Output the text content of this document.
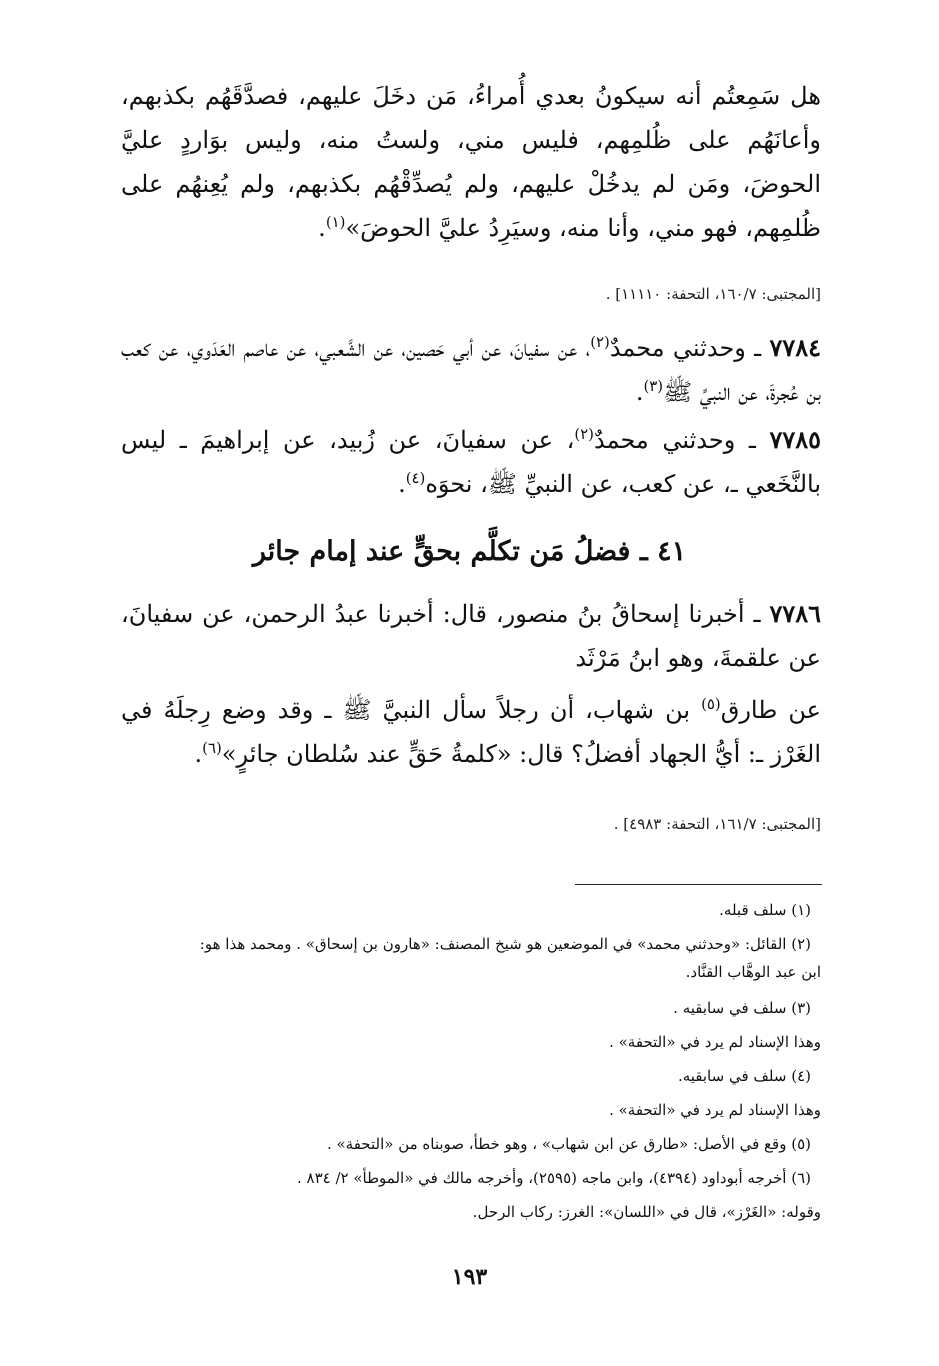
هل سَمِعتُم أنه سيكونُ بعدي أُمراءُ، مَن دخَلَ عليهم، فصدَّقَهُم بكذبهم، وأعانَهُم على ظُلمِهم، فليس مني، ولستُ منه، وليس بوَاردٍ عليَّ الحوضَ، ومَن لم يدخُلْ عليهم، ولم يُصدِّقْهُم بكذبهم، ولم يُعِنهُم على ظُلمِهم، فهو مني، وأنا منه، وسيَرِدُ عليَّ الحوضَ»$^{(١)}$.

[المجتبى: ١٦٠/٧، التحفة: ١١١١٠] .

٧٧٨٤ ـ وحدثني محمدٌ$^{(٢)}$، عن سفيانَ، عن أبي حَصين، عن الشَّعبي، عن عاصم العَدَوي، عن كعب بن عُجرةَ، عن النبيِّ ﷺ$^{(٣)}$.

٧٧٨٥ ـ وحدثني محمدٌ$^{(٢)}$، عن سفيانَ، عن زُبيد، عن إبراهيمَ ـ ليس بالنَّخَعي ـ، عن كعب، عن النبيِّ ﷺ، نحوَه$^{(٤)}$.

٤١ ـ فضلُ مَن تكلَّم بحقٍّ عند إمام جائر

٧٧٨٦ ـ أخبرنا إسحاقُ بنُ منصور، قال: أخبرنا عبدُ الرحمن، عن سفيانَ، عن علقمةَ، وهو ابنُ مَرْثَد

عن طارق$^{(٥)}$ بن شهاب، أن رجلاً سأل النبيَّ ﷺ ـ وقد وضع رِجلَهُ في الغَرْز ـ: أيُّ الجهاد أفضلُ؟ قال: «كلمةُ حَقٍّ عند سُلطان جائرٍ»$^{(٦)}$.

[المجتبى: ١٦١/٧، التحفة: ٤٩٨٣] .

(١) سلف قبله.

(٢) القائل: «وحدثني محمد» في الموضعين هو شيخ المصنف: «هارون بن إسحاق» . ومحمد هذا هو:

ابن عبد الوهَّاب القنَّاد.

(٣) سلف في سابقيه .

وهذا الإسناد لم يرد في «التحفة» .

(٤) سلف في سابقيه.

وهذا الإسناد لم يرد في «التحفة» .

(٥) وقع في الأصل: «طارق عن ابن شهاب» ، وهو خطأ، صوبناه من «التحفة» .

(٦) أخرجه أبوداود (٤٣٩٤)، وابن ماجه (٢٥٩٥)، وأخرجه مالك في «الموطأ» ٢/ ٨٣٤ .

وقوله: «الغَرْز»، قال في «اللسان»: الغرز: ركاب الرحل.

١٩٣
